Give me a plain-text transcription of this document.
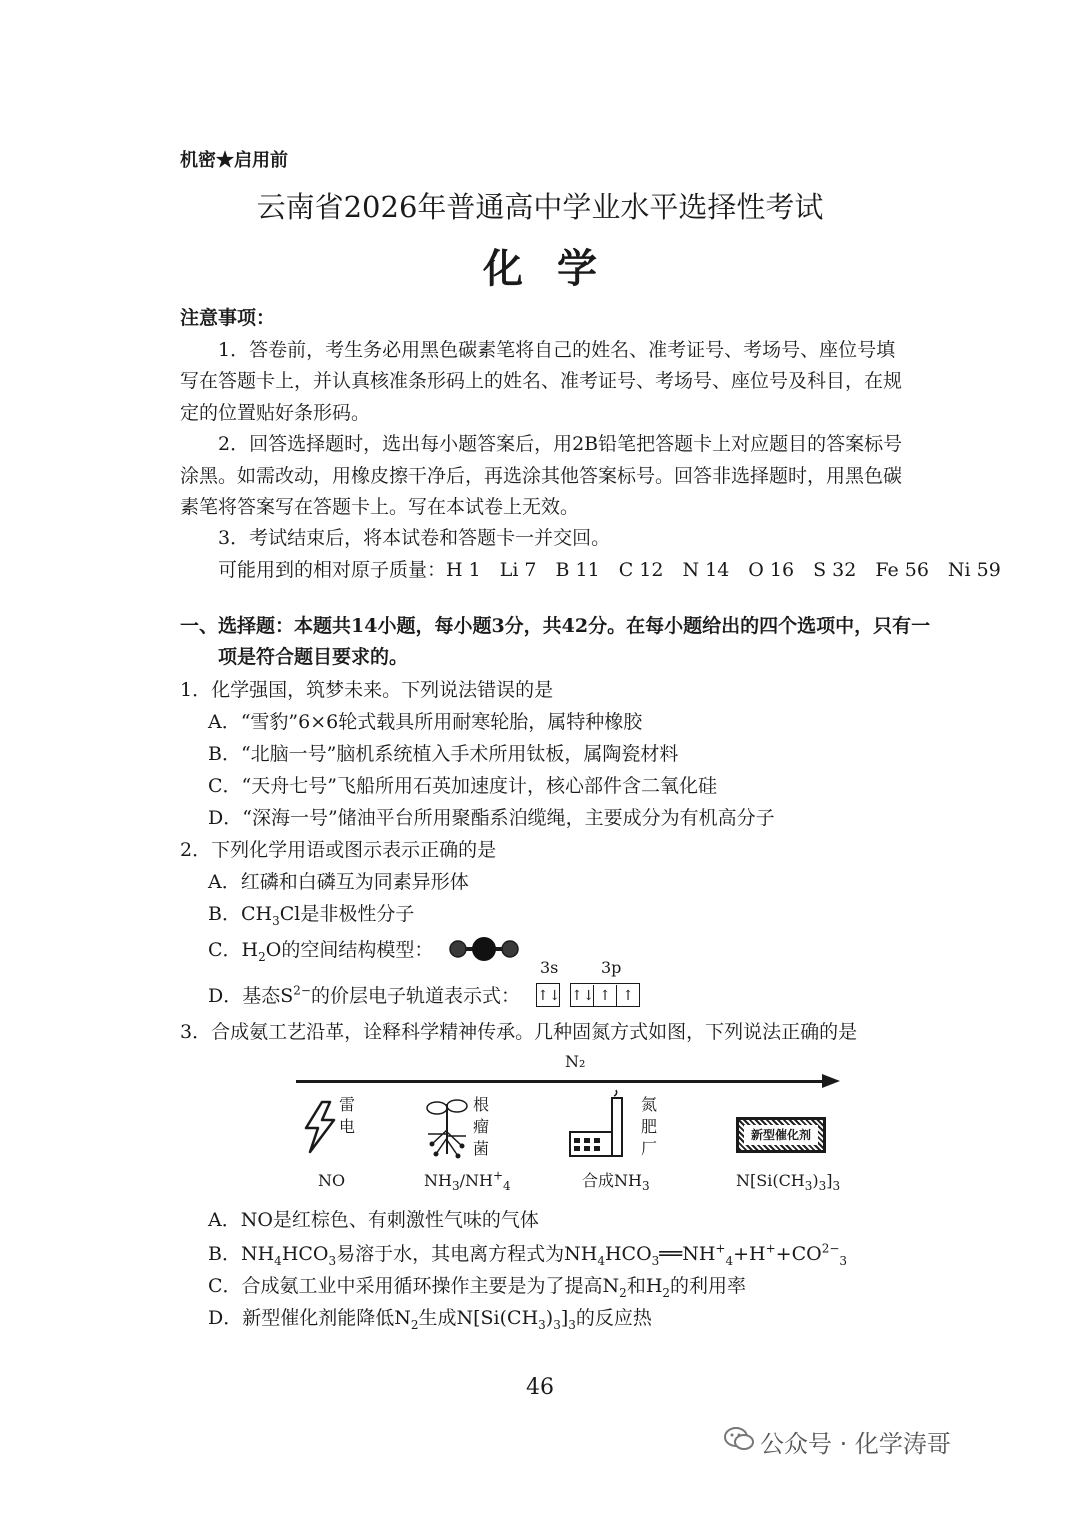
机密★启用前
云南省2026年普通高中学业水平选择性考试
化学
注意事项：
1．答卷前，考生务必用黑色碳素笔将自己的姓名、准考证号、考场号、座位号填
写在答题卡上，并认真核准条形码上的姓名、准考证号、考场号、座位号及科目，在规
定的位置贴好条形码。
2．回答选择题时，选出每小题答案后，用2B铅笔把答题卡上对应题目的答案标号
涂黑。如需改动，用橡皮擦干净后，再选涂其他答案标号。回答非选择题时，用黑色碳
素笔将答案写在答题卡上。写在本试卷上无效。
3．考试结束后，将本试卷和答题卡一并交回。
可能用到的相对原子质量：H 1　Li 7　B 11　C 12　N 14　O 16　S 32　Fe 56　Ni 59
一、选择题：本题共14小题，每小题3分，共42分。在每小题给出的四个选项中，只有一
项是符合题目要求的。
1．化学强国，筑梦未来。下列说法错误的是
A．“雪豹”6×6轮式载具所用耐寒轮胎，属特种橡胶
B．“北脑一号”脑机系统植入手术所用钛板，属陶瓷材料
C．“天舟七号”飞船所用石英加速度计，核心部件含二氧化硅
D．“深海一号”储油平台所用聚酯系泊缆绳，主要成分为有机高分子
2．下列化学用语或图示表示正确的是
A．红磷和白磷互为同素异形体
B．$CH_3Cl$是非极性分子
C．$H_2O$的空间结构模型：
3s	3p
D．基态$S^{2-}$的价层电子轨道表示式： ↑↓ ↑↓ ↑ ↑
3．合成氨工艺沿革，诠释科学精神传承。几种固氮方式如图，下列说法正确的是
N₂
雷
电
根
瘤
菌
氮
肥
厂
新型催化剂
NO	$NH_3/NH^+_4$	合成$NH_3$	$N[Si(CH_3)_3]_3$
A．NO是红棕色、有刺激性气味的气体
B．$NH_4HCO_3$易溶于水，其电离方程式为$NH_4HCO_3══NH^+_4+H^++CO^{2-}_3$
C．合成氨工业中采用循环操作主要是为了提高$N_2$和$H_2$的利用率
D．新型催化剂能降低$N_2$生成$N[Si(CH_3)_3]_3$的反应热
46
公众号 · 化学涛哥
